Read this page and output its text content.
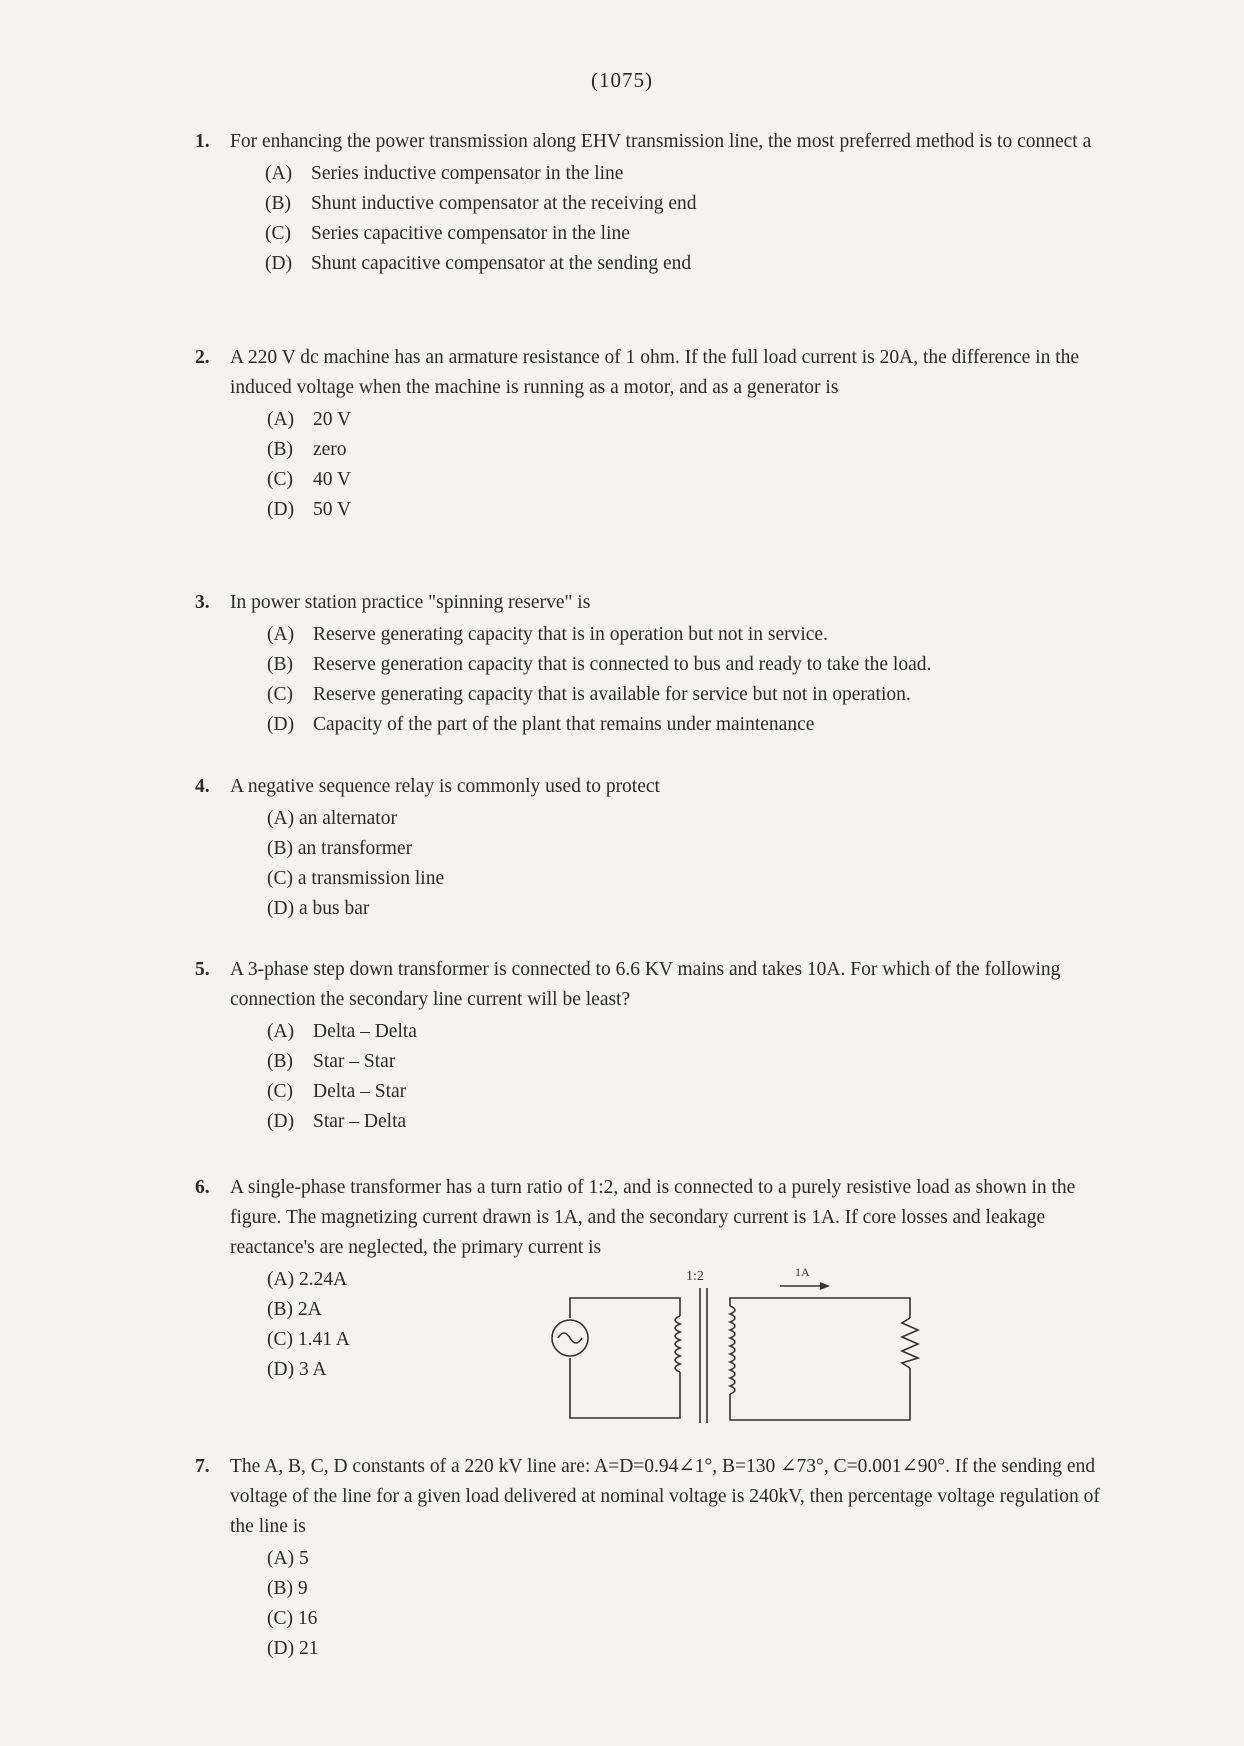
(1075)
1. For enhancing the power transmission along EHV transmission line, the most preferred method is to connect a
(A) Series inductive compensator in the line
(B) Shunt inductive compensator at the receiving end
(C) Series capacitive compensator in the line
(D) Shunt capacitive compensator at the sending end
2. A 220 V dc machine has an armature resistance of 1 ohm. If the full load current is 20A, the difference in the induced voltage when the machine is running as a motor, and as a generator is
(A) 20 V
(B) zero
(C) 40 V
(D) 50 V
3. In power station practice "spinning reserve" is
(A) Reserve generating capacity that is in operation but not in service.
(B) Reserve generation capacity that is connected to bus and ready to take the load.
(C) Reserve generating capacity that is available for service but not in operation.
(D) Capacity of the part of the plant that remains under maintenance
4. A negative sequence relay is commonly used to protect
(A) an alternator
(B) an transformer
(C) a transmission line
(D) a bus bar
5. A 3-phase step down transformer is connected to 6.6 KV mains and takes 10A. For which of the following connection the secondary line current will be least?
(A) Delta – Delta
(B) Star – Star
(C) Delta – Star
(D) Star – Delta
6. A single-phase transformer has a turn ratio of 1:2, and is connected to a purely resistive load as shown in the figure. The magnetizing current drawn is 1A, and the secondary current is 1A. If core losses and leakage reactance's are neglected, the primary current is
(A) 2.24A
(B) 2A
(C) 1.41 A
(D) 3 A
1:2	1A
7. The A, B, C, D constants of a 220 kV line are: A=D=0.94∠1°, B=130 ∠73°, C=0.001∠90°. If the sending end voltage of the line for a given load delivered at nominal voltage is 240kV, then percentage voltage regulation of the line is
(A) 5
(B) 9
(C) 16
(D) 21
